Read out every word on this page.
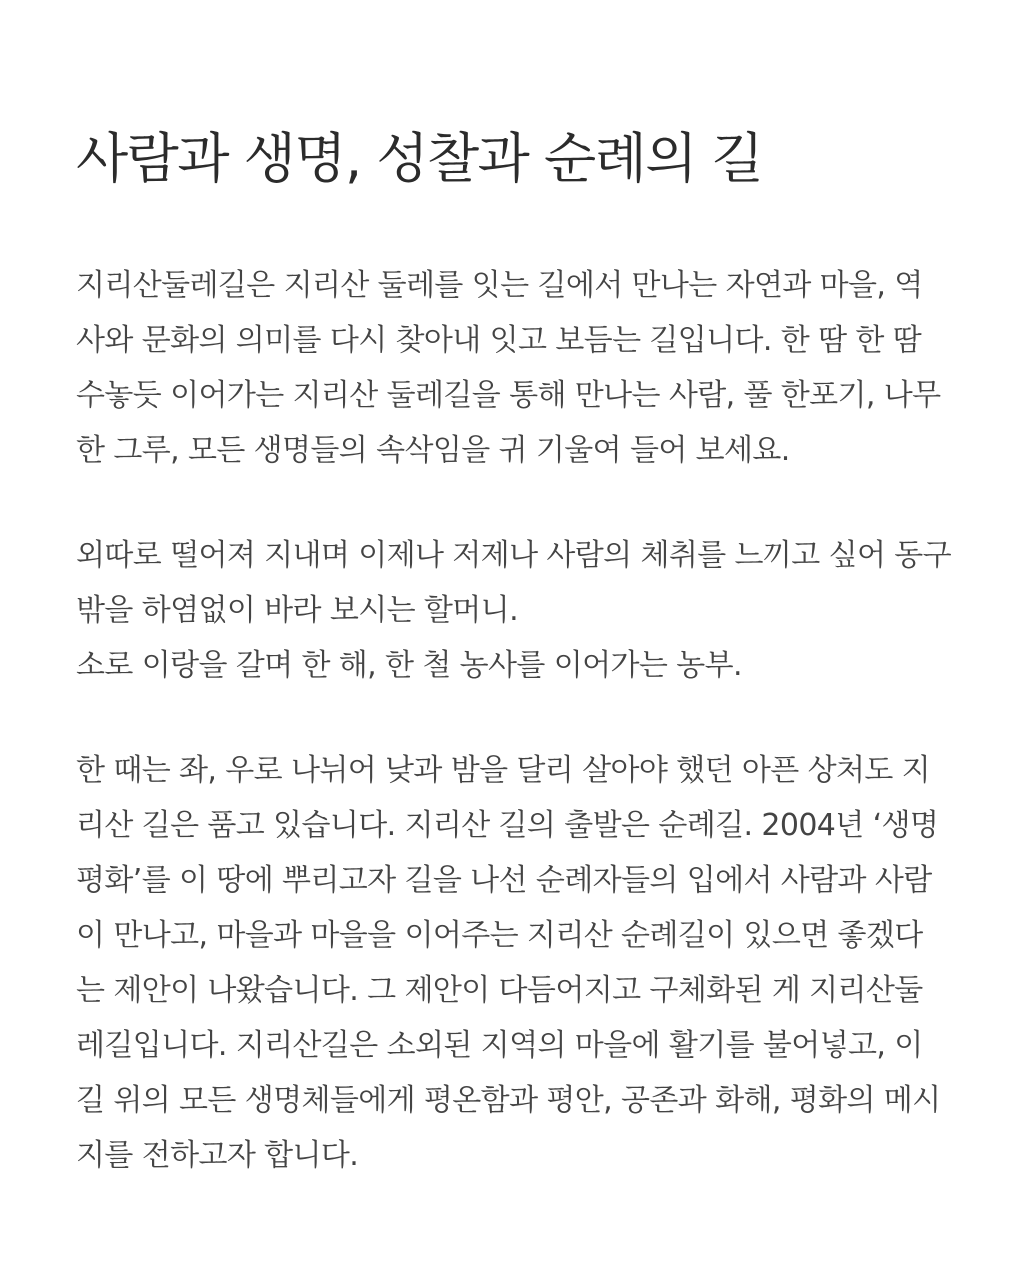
사람과 생명, 성찰과 순례의 길

지리산둘레길은 지리산 둘레를 잇는 길에서 만나는 자연과 마을, 역
사와 문화의 의미를 다시 찾아내 잇고 보듬는 길입니다. 한 땀 한 땀
수놓듯 이어가는 지리산 둘레길을 통해 만나는 사람, 풀 한포기, 나무
한 그루, 모든 생명들의 속삭임을 귀 기울여 들어 보세요.

외따로 떨어져 지내며 이제나 저제나 사람의 체취를 느끼고 싶어 동구
밖을 하염없이 바라 보시는 할머니.
소로 이랑을 갈며 한 해, 한 철 농사를 이어가는 농부.

한 때는 좌, 우로 나뉘어 낮과 밤을 달리 살아야 했던 아픈 상처도 지
리산 길은 품고 있습니다. 지리산 길의 출발은 순례길. 2004년 ‘생명
평화’를 이 땅에 뿌리고자 길을 나선 순례자들의 입에서 사람과 사람
이 만나고, 마을과 마을을 이어주는 지리산 순례길이 있으면 좋겠다
는 제안이 나왔습니다. 그 제안이 다듬어지고 구체화된 게 지리산둘
레길입니다. 지리산길은 소외된 지역의 마을에 활기를 불어넣고, 이
길 위의 모든 생명체들에게 평온함과 평안, 공존과 화해, 평화의 메시
지를 전하고자 합니다.
